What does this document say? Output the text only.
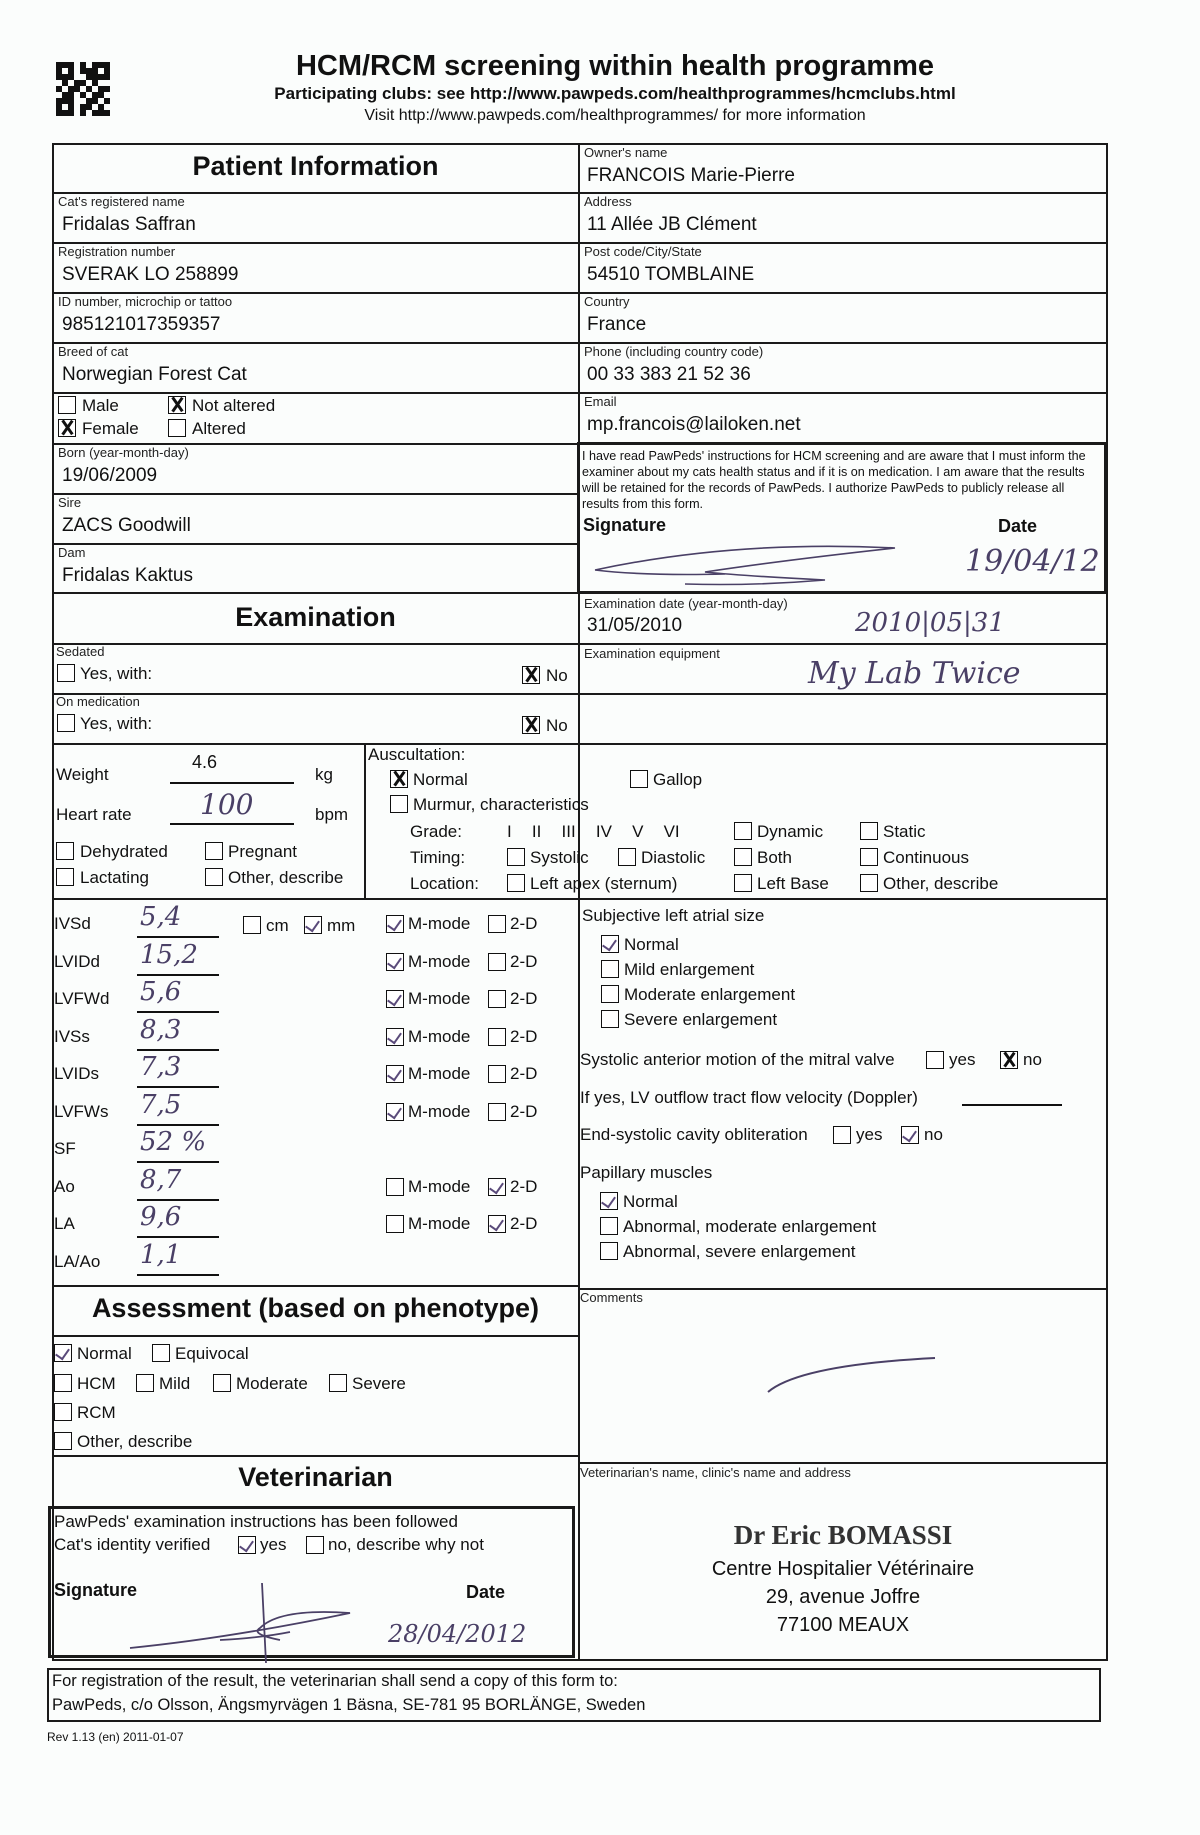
HCM/RCM screening within health programme
Participating clubs: see http://www.pawpeds.com/healthprogrammes/hcmclubs.html
Visit http://www.pawpeds.com/healthprogrammes/ for more information
Patient Information
Cat's registered name
Fridalas Saffran
Registration number
SVERAK LO 258899
ID number, microchip or tattoo
985121017359357
Breed of cat
Norwegian Forest Cat
Male
Female
Not altered
Altered
Born (year-month-day)
19/06/2009
Sire
ZACS Goodwill
Dam
Fridalas Kaktus
Owner's name
FRANCOIS Marie-Pierre
Address
11 Allée JB Clément
Post code/City/State
54510 TOMBLAINE
Country
France
Phone (including country code)
00 33 383 21 52 36
Email
mp.francois@lailoken.net
I have read PawPeds' instructions for HCM screening and are aware that I must inform the examiner about my cats health status and if it is on medication. I am aware that the results will be retained for the records of PawPeds. I authorize PawPeds to publicly release all results from this form.
Signature	Date
19/04/12
Examination
Sedated
Yes, with:	No
On medication
Yes, with:	No
Examination date (year-month-day)
31/05/2010	2010|05|31
Examination equipment
My Lab Twice
Weight
4.6
kg
Heart rate 100	bpm
Dehydrated	Pregnant
Lactating	Other, describe
Auscultation:
Normal	Gallop
Murmur, characteristics
Grade:	I   II   III   IV   V   VI	Dynamic	Static
Timing:	Systolic	Diastolic	Both	Continuous
Location:	Left apex (sternum)	Left Base	Other, describe
IVSd 5,4	M-mode 2-D
LVIDd 15,2	M-mode 2-D
LVFWd 5,6	M-mode 2-D
IVSs 8,3	M-mode 2-D
LVIDs 7,3	M-mode 2-D
LVFWs 7,5	M-mode 2-D
SF 52 %
Ao	8,7	M-mode 2-D
LA	9,6	M-mode 2-D
LA/Ao 1,1
cm mm
Subjective left atrial size
Normal
Mild enlargement
Moderate enlargement
Severe enlargement
Systolic anterior motion of the mitral valve	yes	no
If yes, LV outflow tract flow velocity (Doppler)
End-systolic cavity obliteration	yes no
Papillary muscles
Normal
Abnormal, moderate enlargement
Abnormal, severe enlargement
Assessment (based on phenotype)
Normal	Equivocal
HCM	Mild	Moderate	Severe
RCM
Other, describe
Comments
Veterinarian
PawPeds' examination instructions has been followed
Cat's identity verified	yes no, describe why not
Signature	Date
28/04/2012
Veterinarian's name, clinic's name and address
Dr Eric BOMASSI
Centre Hospitalier Vétérinaire
29, avenue Joffre
77100 MEAUX
For registration of the result, the veterinarian shall send a copy of this form to:
PawPeds, c/o Olsson, Ängsmyrvägen 1 Bäsna, SE-781 95 BORLÄNGE, Sweden
Rev 1.13 (en) 2011-01-07
